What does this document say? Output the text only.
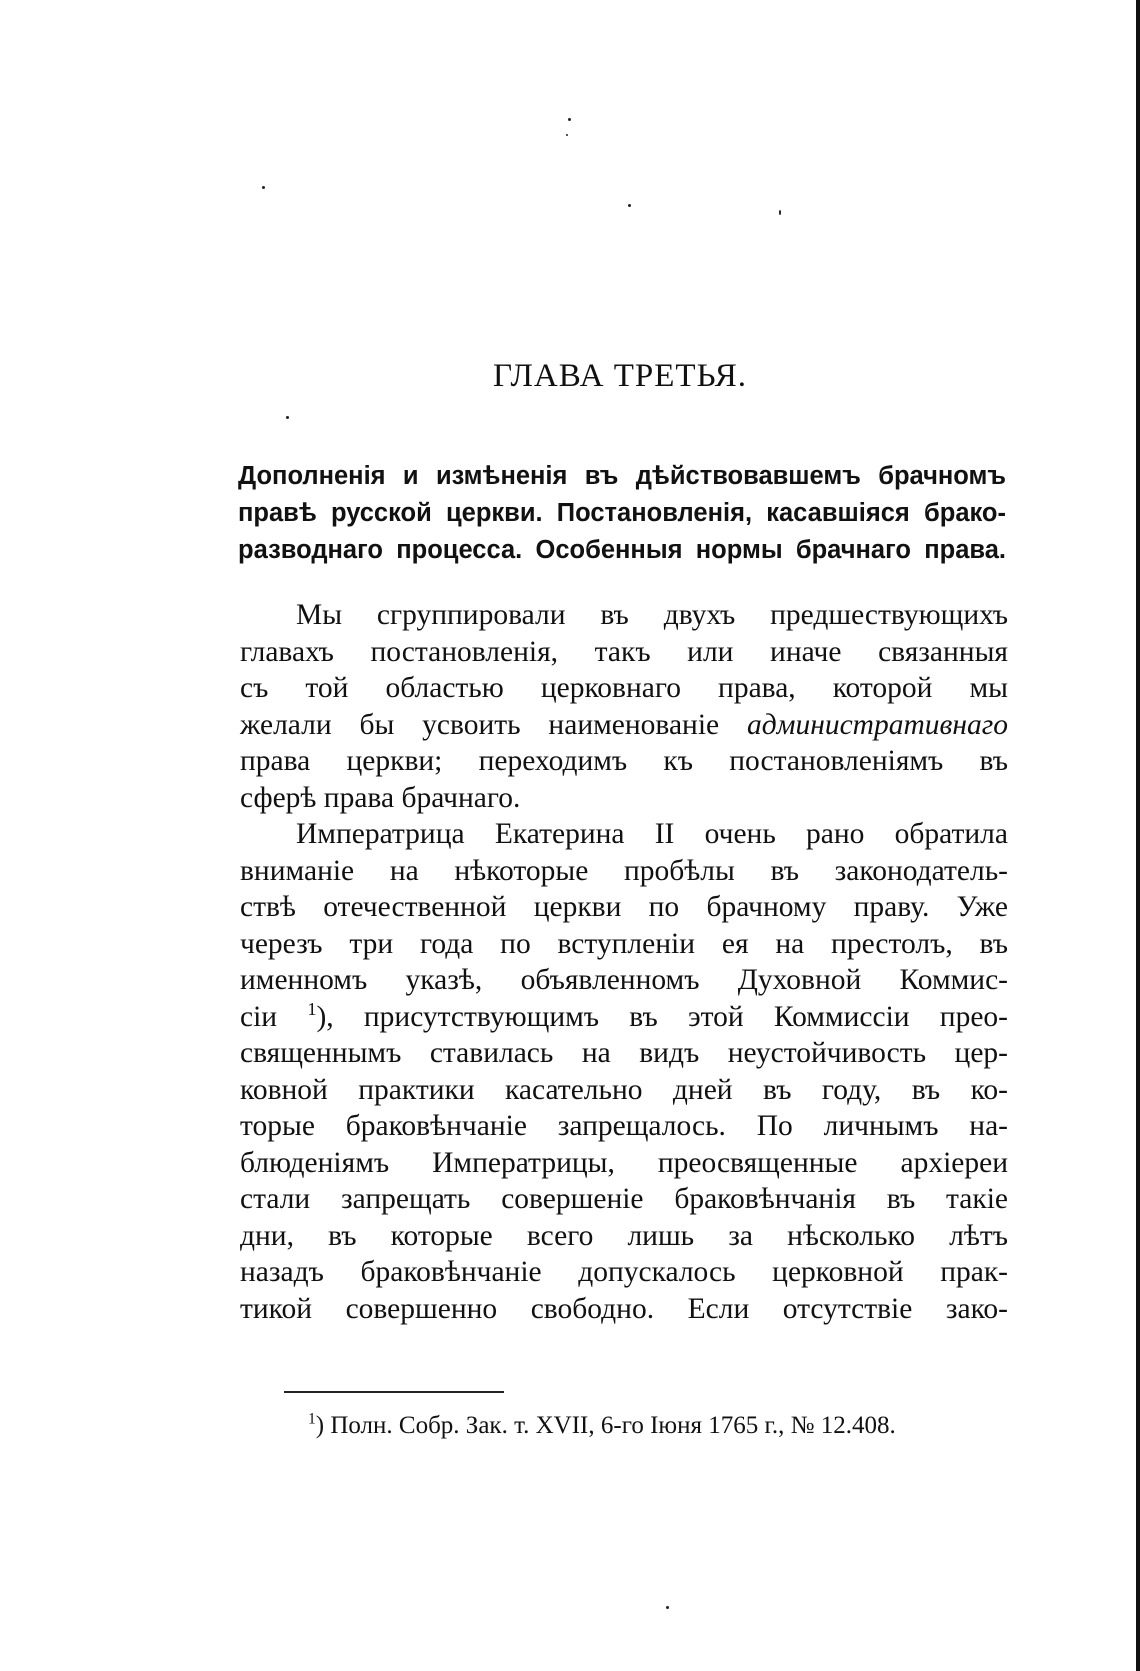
ГЛАВА ТРЕТЬЯ.
Дополненія и измѣненія въ дѣйствовавшемъ брачномъ
правѣ русской церкви. Постановленія, касавшіяся брако-
разводнаго процесса. Особенныя нормы брачнаго права.
Мы сгруппировали въ двухъ предшествующихъ
главахъ постановленія, такъ или иначе связанныя
съ той областью церковнаго права, которой мы
желали бы усвоить наименованіе административнаго
права церкви; переходимъ къ постановленіямъ въ
сферѣ права брачнаго.
Императрица Екатерина II очень рано обратила
вниманіе на нѣкоторые пробѣлы въ законодатель-
ствѣ отечественной церкви по брачному праву. Уже
черезъ три года по вступленіи ея на престолъ, въ
именномъ указѣ, объявленномъ Духовной Коммис-
сіи $^1$), присутствующимъ въ этой Коммиссіи прео-
священнымъ ставилась на видъ неустойчивость цер-
ковной практики касательно дней въ году, въ ко-
торые браковѣнчаніе запрещалось. По личнымъ на-
блюденіямъ Императрицы, преосвященные архіереи
стали запрещать совершеніе браковѣнчанія въ такіе
дни, въ которые всего лишь за нѣсколько лѣтъ
назадъ браковѣнчаніе допускалось церковной прак-
тикой совершенно свободно. Если отсутствіе зако-
$^1$) Полн. Собр. Зак. т. XVII, 6-го Іюня 1765 г., № 12.408.
